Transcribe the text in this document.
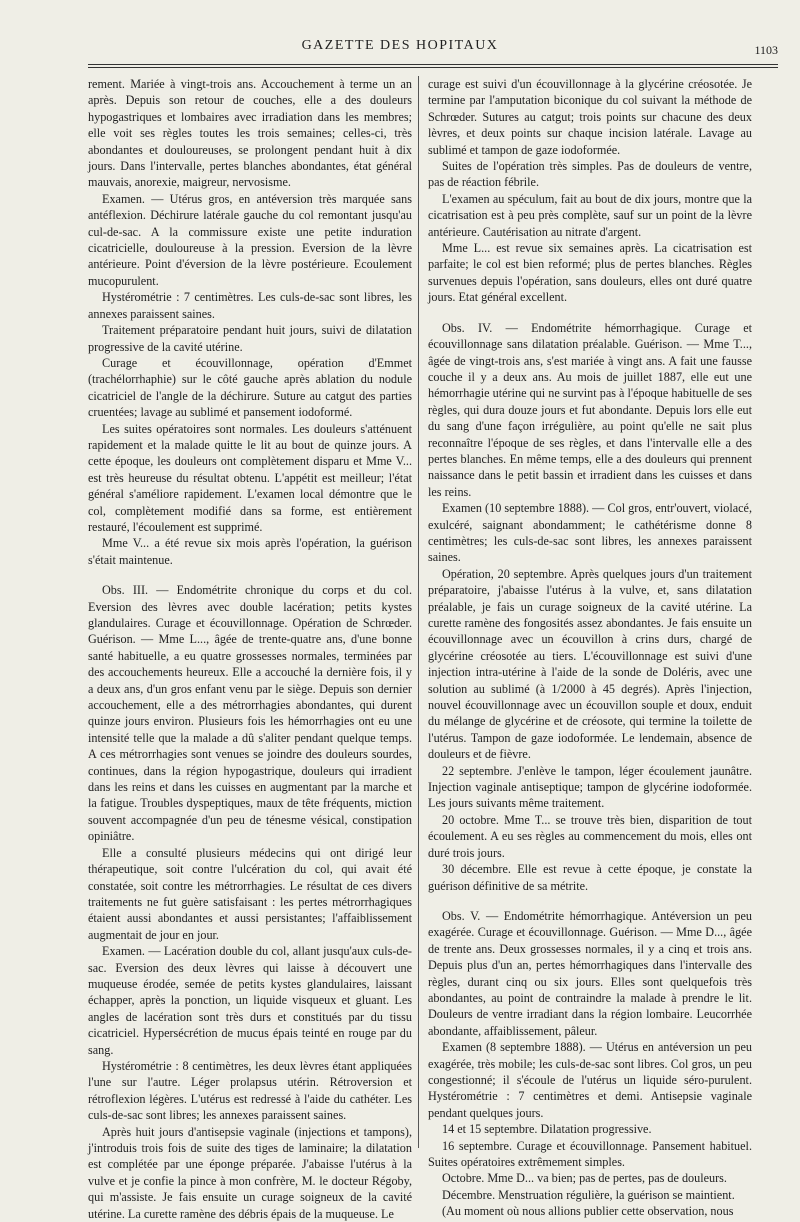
GAZETTE DES HOPITAUX	1103

rement. Mariée à vingt-trois ans. Accouchement à terme un an après. Depuis son retour de couches, elle a des douleurs hypogastriques et lombaires avec irradiation dans les membres; elle voit ses règles toutes les trois semaines; celles-ci, très abondantes et douloureuses, se prolongent pendant huit à dix jours. Dans l'intervalle, pertes blanches abondantes, état général mauvais, anorexie, maigreur, nervosisme.

Examen. — Utérus gros, en antéversion très marquée sans antéflexion. Déchirure latérale gauche du col remontant jusqu'au cul-de-sac. A la commissure existe une petite induration cicatricielle, douloureuse à la pression. Eversion de la lèvre antérieure. Point d'éversion de la lèvre postérieure. Ecoulement mucopurulent.

Hystérométrie : 7 centimètres. Les culs-de-sac sont libres, les annexes paraissent saines.

Traitement préparatoire pendant huit jours, suivi de dilatation progressive de la cavité utérine.

Curage et écouvillonnage, opération d'Emmet (trachélorrhaphie) sur le côté gauche après ablation du nodule cicatriciel de l'angle de la déchirure. Suture au catgut des parties cruentées; lavage au sublimé et pansement iodoformé.

Les suites opératoires sont normales. Les douleurs s'atténuent rapidement et la malade quitte le lit au bout de quinze jours. A cette époque, les douleurs ont complètement disparu et Mme V... est très heureuse du résultat obtenu. L'appétit est meilleur; l'état général s'améliore rapidement. L'examen local démontre que le col, complètement modifié dans sa forme, est entièrement restauré, l'écoulement est supprimé.

Mme V... a été revue six mois après l'opération, la guérison s'était maintenue.

Obs. III. — Endométrite chronique du corps et du col. Eversion des lèvres avec double lacération; petits kystes glandulaires. Curage et écouvillonnage. Opération de Schrœder. Guérison. — Mme L..., âgée de trente-quatre ans, d'une bonne santé habituelle, a eu quatre grossesses normales, terminées par des accouchements heureux. Elle a accouché la dernière fois, il y a deux ans, d'un gros enfant venu par le siège. Depuis son dernier accouchement, elle a des métrorrhagies abondantes, qui durent quinze jours environ. Plusieurs fois les hémorrhagies ont eu une intensité telle que la malade a dû s'aliter pendant quelque temps. A ces métrorrhagies sont venues se joindre des douleurs sourdes, continues, dans la région hypogastrique, douleurs qui irradient dans les reins et dans les cuisses en augmentant par la marche et la fatigue. Troubles dyspeptiques, maux de tête fréquents, miction souvent accompagnée d'un peu de ténesme vésical, constipation opiniâtre.

Elle a consulté plusieurs médecins qui ont dirigé leur thérapeutique, soit contre l'ulcération du col, qui avait été constatée, soit contre les métrorrhagies. Le résultat de ces divers traitements ne fut guère satisfaisant : les pertes métrorrhagiques étaient aussi abondantes et aussi persistantes; l'affaiblissement augmentait de jour en jour.

Examen. — Lacération double du col, allant jusqu'aux culs-de-sac. Eversion des deux lèvres qui laisse à découvert une muqueuse érodée, semée de petits kystes glandulaires, laissant échapper, après la ponction, un liquide visqueux et gluant. Les angles de lacération sont très durs et constitués par du tissu cicatriciel. Hypersécrétion de mucus épais teinté en rouge par du sang.

Hystérométrie : 8 centimètres, les deux lèvres étant appliquées l'une sur l'autre. Léger prolapsus utérin. Rétroversion et rétroflexion légères. L'utérus est redressé à l'aide du cathéter. Les culs-de-sac sont libres; les annexes paraissent saines.

Après huit jours d'antisepsie vaginale (injections et tampons), j'introduis trois fois de suite des tiges de laminaire; la dilatation est complétée par une éponge préparée. J'abaisse l'utérus à la vulve et je confie la pince à mon confrère, M. le docteur Régoby, qui m'assiste. Je fais ensuite un curage soigneux de la cavité utérine. La curette ramène des débris épais de la muqueuse. Le

curage est suivi d'un écouvillonnage à la glycérine créosotée. Je termine par l'amputation biconique du col suivant la méthode de Schrœder. Sutures au catgut; trois points sur chacune des deux lèvres, et deux points sur chaque incision latérale. Lavage au sublimé et tampon de gaze iodoformée.

Suites de l'opération très simples. Pas de douleurs de ventre, pas de réaction fébrile.

L'examen au spéculum, fait au bout de dix jours, montre que la cicatrisation est à peu près complète, sauf sur un point de la lèvre antérieure. Cautérisation au nitrate d'argent.

Mme L... est revue six semaines après. La cicatrisation est parfaite; le col est bien reformé; plus de pertes blanches. Règles survenues depuis l'opération, sans douleurs, elles ont duré quatre jours. Etat général excellent.

Obs. IV. — Endométrite hémorrhagique. Curage et écouvillonnage sans dilatation préalable. Guérison. — Mme T..., âgée de vingt-trois ans, s'est mariée à vingt ans. A fait une fausse couche il y a deux ans. Au mois de juillet 1887, elle eut une hémorrhagie utérine qui ne survint pas à l'époque habituelle de ses règles, qui dura douze jours et fut abondante. Depuis lors elle eut du sang d'une façon irrégulière, au point qu'elle ne sait plus reconnaître l'époque de ses règles, et dans l'intervalle elle a des pertes blanches. En même temps, elle a des douleurs qui prennent naissance dans le petit bassin et irradient dans les cuisses et dans les reins.

Examen (10 septembre 1888). — Col gros, entr'ouvert, violacé, exulcéré, saignant abondamment; le cathétérisme donne 8 centimètres; les culs-de-sac sont libres, les annexes paraissent saines.

Opération, 20 septembre. Après quelques jours d'un traitement préparatoire, j'abaisse l'utérus à la vulve, et, sans dilatation préalable, je fais un curage soigneux de la cavité utérine. La curette ramène des fongosités assez abondantes. Je fais ensuite un écouvillonnage avec un écouvillon à crins durs, chargé de glycérine créosotée au tiers. L'écouvillonnage est suivi d'une injection intra-utérine à l'aide de la sonde de Doléris, avec une solution au sublimé (à 1/2000 à 45 degrés). Après l'injection, nouvel écouvillonnage avec un écouvillon souple et doux, enduit du mélange de glycérine et de créosote, qui termine la toilette de l'utérus. Tampon de gaze iodoformée. Le lendemain, absence de douleurs et de fièvre.

22 septembre. J'enlève le tampon, léger écoulement jaunâtre. Injection vaginale antiseptique; tampon de glycérine iodoformée. Les jours suivants même traitement.

20 octobre. Mme T... se trouve très bien, disparition de tout écoulement. A eu ses règles au commencement du mois, elles ont duré trois jours.

30 décembre. Elle est revue à cette époque, je constate la guérison définitive de sa métrite.

Obs. V. — Endométrite hémorrhagique. Antéversion un peu exagérée. Curage et écouvillonnage. Guérison. — Mme D..., âgée de trente ans. Deux grossesses normales, il y a cinq et trois ans. Depuis plus d'un an, pertes hémorrhagiques dans l'intervalle des règles, durant cinq ou six jours. Elles sont quelquefois très abondantes, au point de contraindre la malade à prendre le lit. Douleurs de ventre irradiant dans la région lombaire. Leucorrhée abondante, affaiblissement, pâleur.

Examen (8 septembre 1888). — Utérus en antéversion un peu exagérée, très mobile; les culs-de-sac sont libres. Col gros, un peu congestionné; il s'écoule de l'utérus un liquide séro-purulent. Hystérométrie : 7 centimètres et demi. Antisepsie vaginale pendant quelques jours.

14 et 15 septembre. Dilatation progressive.

16 septembre. Curage et écouvillonnage. Pansement habituel. Suites opératoires extrêmement simples.

Octobre. Mme D... va bien; pas de pertes, pas de douleurs.

Décembre. Menstruation régulière, la guérison se maintient.

(Au moment où nous allions publier cette observation, nous
